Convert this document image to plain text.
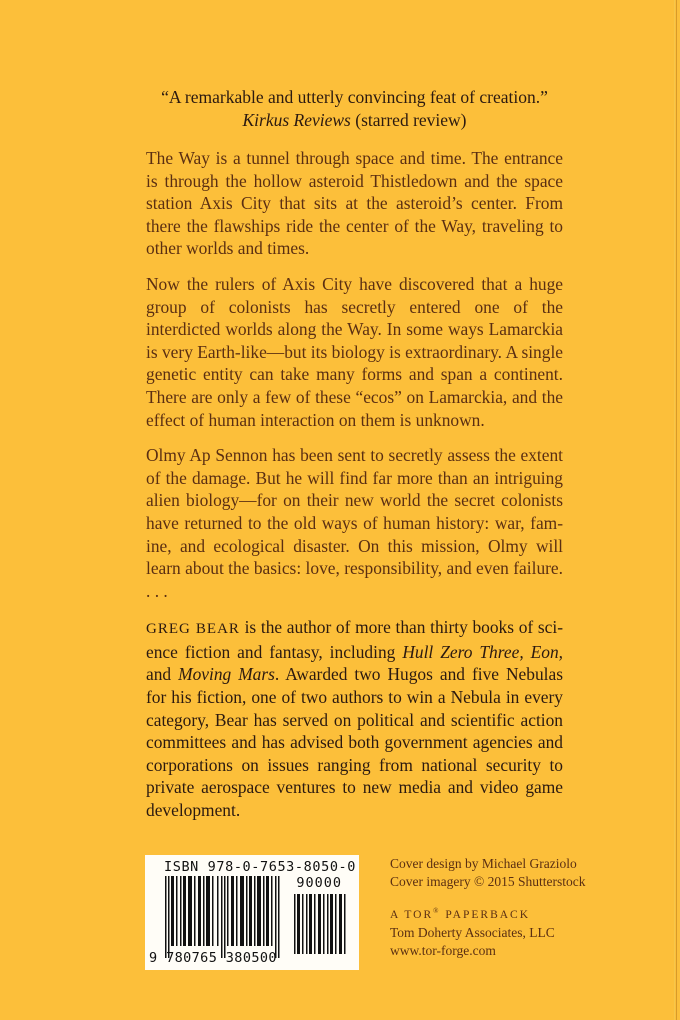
“A remarkable and utterly convincing feat of creation.”
Kirkus Reviews (starred review)

The Way is a tunnel through space and time. The entrance is through the hollow asteroid Thistledown and the space station Axis City that sits at the asteroid’s center. From there the flawships ride the center of the Way, traveling to other worlds and times.

Now the rulers of Axis City have discovered that a huge group of colonists has secretly entered one of the interdicted worlds along the Way. In some ways Lamarckia is very Earth-like—but its biology is extraordinary. A single genetic entity can take many forms and span a continent. There are only a few of these “ecos” on Lamarckia, and the effect of human interaction on them is unknown.

Olmy Ap Sennon has been sent to secretly assess the extent of the damage. But he will find far more than an intriguing alien biology—for on their new world the secret colonists have returned to the old ways of human history: war, famine, and ecological disaster. On this mission, Olmy will learn about the basics: love, responsibility, and even failure. . . .

GREG BEAR is the author of more than thirty books of science fiction and fantasy, including Hull Zero Three, Eon, and Moving Mars. Awarded two Hugos and five Nebulas for his fiction, one of two authors to win a Nebula in every category, Bear has served on political and scientific action committees and has advised both government agencies and corporations on issues ranging from national security to private aerospace ventures to new media and video game development.

ISBN 978-0-7653-8050-0
90000
9 780765 380500
Cover design by Michael Graziolo
Cover imagery © 2015 Shutterstock
A TOR® PAPERBACK
Tom Doherty Associates, LLC
www.tor-forge.com
